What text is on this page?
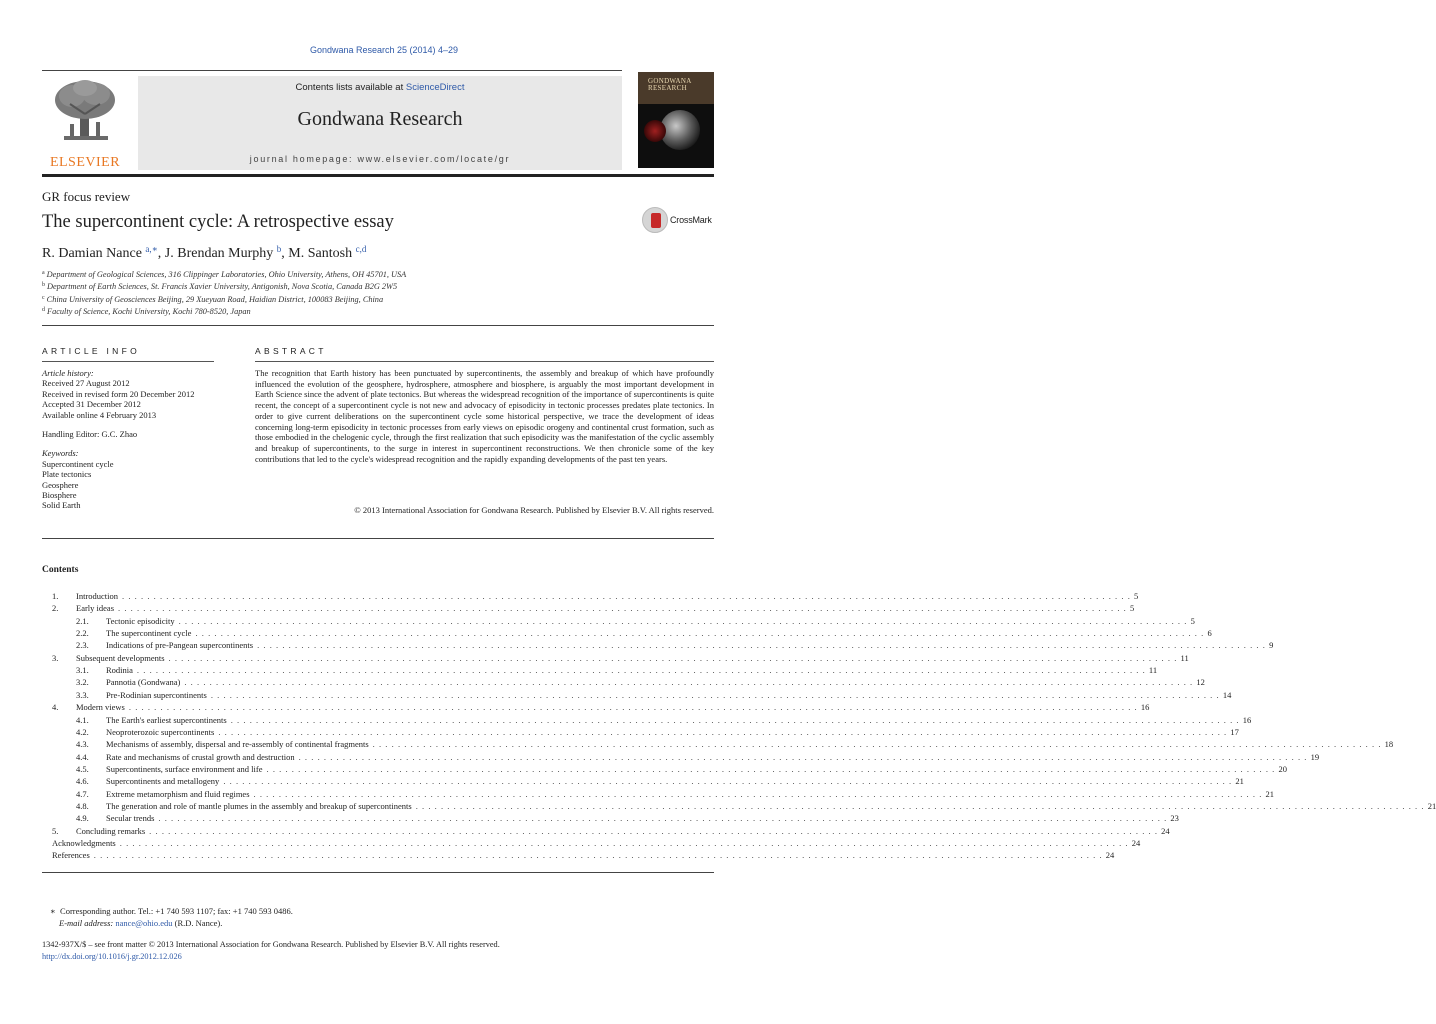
Gondwana Research 25 (2014) 4–29
ELSEVIER
Contents lists available at ScienceDirect
Gondwana Research
journal homepage: www.elsevier.com/locate/gr
GONDWANA RESEARCH
GR focus review
The supercontinent cycle: A retrospective essay	CrossMark
R. Damian Nance $^{a,∗}$, J. Brendan Murphy $^b$, M. Santosh $^{c,d}$
$^a$ Department of Geological Sciences, 316 Clippinger Laboratories, Ohio University, Athens, OH 45701, USA
$^b$ Department of Earth Sciences, St. Francis Xavier University, Antigonish, Nova Scotia, Canada B2G 2W5
$^c$ China University of Geosciences Beijing, 29 Xueyuan Road, Haidian District, 100083 Beijing, China
$^d$ Faculty of Science, Kochi University, Kochi 780-8520, Japan
ARTICLE INFO	ABSTRACT
Article history:
Received 27 August 2012
Received in revised form 20 December 2012
Accepted 31 December 2012
Available online 4 February 2013
Handling Editor: G.C. Zhao
Keywords:
Supercontinent cycle
Plate tectonics
Geosphere
Biosphere
Solid Earth
The recognition that Earth history has been punctuated by supercontinents, the assembly and breakup of which have profoundly influenced the evolution of the geosphere, hydrosphere, atmosphere and biosphere, is arguably the most important development in Earth Science since the advent of plate tectonics. But whereas the widespread recognition of the importance of supercontinents is quite recent, the concept of a supercontinent cycle is not new and advocacy of episodicity in tectonic processes predates plate tectonics. In order to give current deliberations on the supercontinent cycle some historical perspective, we trace the development of ideas concerning long-term episodicity in tectonic processes from early views on episodic orogeny and continental crust formation, such as those embodied in the chelogenic cycle, through the first realization that such episodicity was the manifestation of the cyclic assembly and breakup of supercontinents, to the surge in interest in supercontinent reconstructions. We then chronicle some of the key contributions that led to the cycle's widespread recognition and the rapidly expanding developments of the past ten years.
© 2013 International Association for Gondwana Research. Published by Elsevier B.V. All rights reserved.
Contents
1. Introduction ................................................................................................................................................................ 5
2. Early ideas ................................................................................................................................................................ 5
2.1. Tectonic episodicity ................................................................................................................................................................ 5
2.2. The supercontinent cycle ................................................................................................................................................................ 6
2.3. Indications of pre-Pangean supercontinents ................................................................................................................................................................ 9
3. Subsequent developments ................................................................................................................................................................ 11
3.1. Rodinia ................................................................................................................................................................ 11
3.2. Pannotia (Gondwana) ................................................................................................................................................................ 12
3.3. Pre-Rodinian supercontinents ................................................................................................................................................................ 14
4. Modern views ................................................................................................................................................................ 16
4.1. The Earth's earliest supercontinents ................................................................................................................................................................ 16
4.2. Neoproterozoic supercontinents ................................................................................................................................................................ 17
4.3. Mechanisms of assembly, dispersal and re-assembly of continental fragments ................................................................................................................................................................ 18
4.4. Rate and mechanisms of crustal growth and destruction ................................................................................................................................................................ 19
4.5. Supercontinents, surface environment and life ................................................................................................................................................................ 20
4.6. Supercontinents and metallogeny ................................................................................................................................................................ 21
4.7. Extreme metamorphism and fluid regimes ................................................................................................................................................................ 21
4.8. The generation and role of mantle plumes in the assembly and breakup of supercontinents ................................................................................................................................................................ 21
4.9. Secular trends ................................................................................................................................................................ 23
5. Concluding remarks ................................................................................................................................................................ 24
Acknowledgments ................................................................................................................................................................ 24
References ................................................................................................................................................................ 24
∗ Corresponding author. Tel.: +1 740 593 1107; fax: +1 740 593 0486.
E-mail address: nance@ohio.edu (R.D. Nance).
1342-937X/$ – see front matter © 2013 International Association for Gondwana Research. Published by Elsevier B.V. All rights reserved.
http://dx.doi.org/10.1016/j.gr.2012.12.026
